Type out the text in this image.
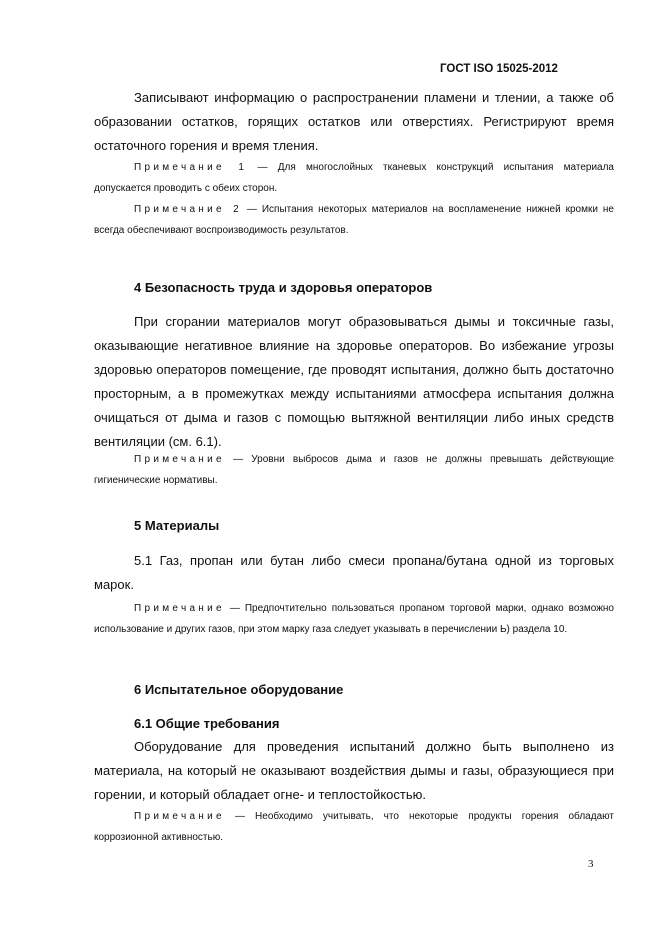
ГОСТ ISO 15025-2012

Записывают информацию о распространении пламени и тлении, а также об образовании остатков, горящих остатков или отверстиях. Регистрируют время остаточного горения и время тления.

Примечание 1 — Для многослойных тканевых конструкций испытания материала допускается проводить с обеих сторон.

Примечание 2 — Испытания некоторых материалов на воспламенение нижней кромки не всегда обеспечивают воспроизводимость результатов.

4 Безопасность труда и здоровья операторов

При сгорании материалов могут образовываться дымы и токсичные газы, оказывающие негативное влияние на здоровье операторов. Во избежание угрозы здоровью операторов помещение, где проводят испытания, должно быть достаточно просторным, а в промежутках между испытаниями атмосфера испытания должна очищаться от дыма и газов с помощью вытяжной вентиляции либо иных средств вентиляции (см. 6.1).

Примечание — Уровни выбросов дыма и газов не должны превышать действующие гигиенические нормативы.

5 Материалы

5.1 Газ, пропан или бутан либо смеси пропана/бутана одной из торговых марок.

Примечание — Предпочтительно пользоваться пропаном торговой марки, однако возможно использование и других газов, при этом марку газа следует указывать в перечислении Ь) раздела 10.

6 Испытательное оборудование
6.1 Общие требования

Оборудование для проведения испытаний должно быть выполнено из материала, на который не оказывают воздействия дымы и газы, образующиеся при горении, и который обладает огне- и теплостойкостью.

Примечание — Необходимо учитывать, что некоторые продукты горения обладают коррозионной активностью.

3
